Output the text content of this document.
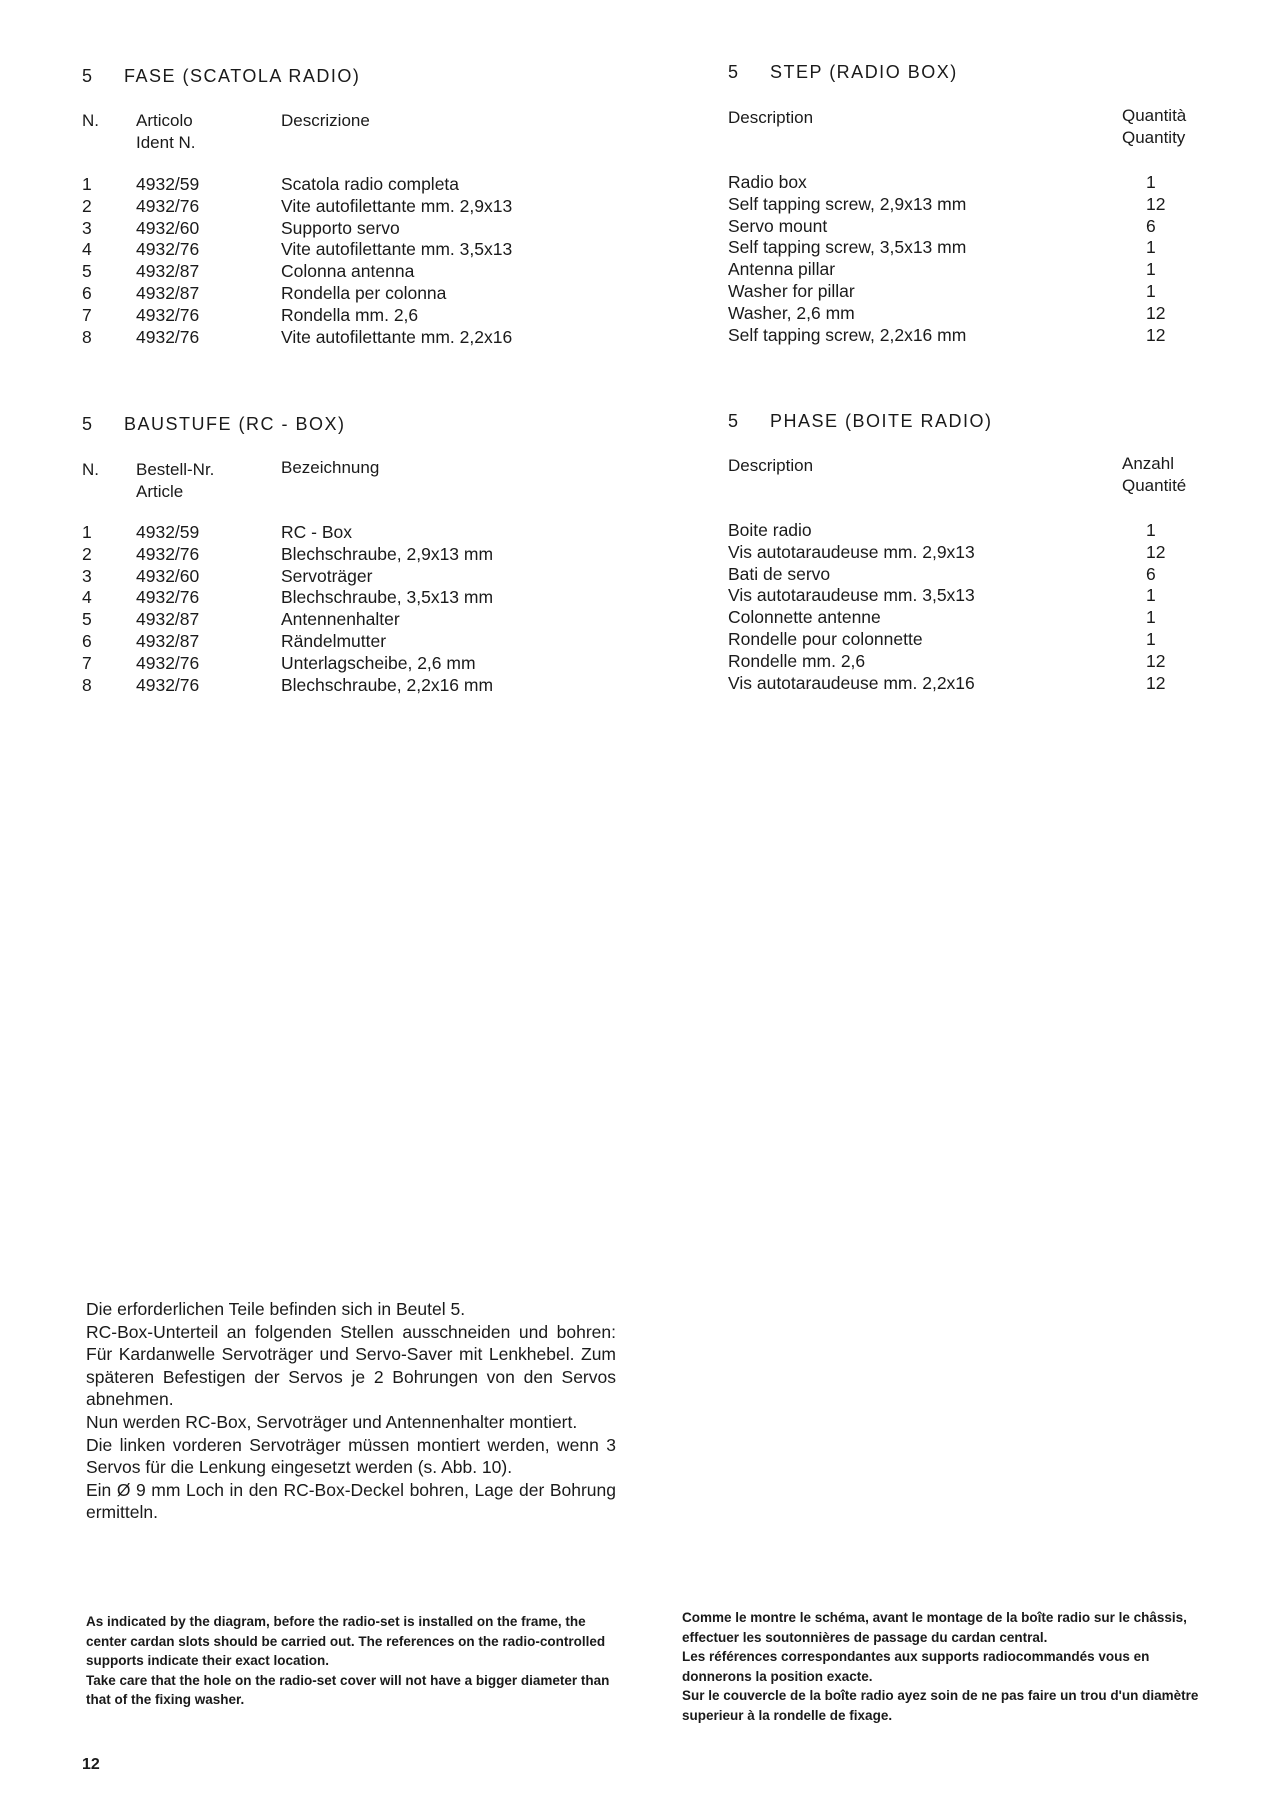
5 FASE (SCATOLA RADIO)
N. Articolo
Ident N.
Descrizione
1	4932/59	Scatola radio completa
2	4932/76	Vite autofilettante mm. 2,9x13
3	4932/60	Supporto servo
4	4932/76	Vite autofilettante mm. 3,5x13
5	4932/87	Colonna antenna
6	4932/87	Rondella per colonna
7	4932/76	Rondella mm. 2,6
8	4932/76	Vite autofilettante mm. 2,2x16
5 STEP (RADIO BOX)
Description	Quantità
Quantity
Radio box	1
Self tapping screw, 2,9x13 mm	12
Servo mount	6
Self tapping screw, 3,5x13 mm	1
Antenna pillar	1
Washer for pillar	1
Washer, 2,6 mm	12
Self tapping screw, 2,2x16 mm	12
5 BAUSTUFE (RC - BOX)
N. Bestell-Nr.
Article
Bezeichnung
1	4932/59	RC - Box
2	4932/76	Blechschraube, 2,9x13 mm
3	4932/60	Servoträger
4	4932/76	Blechschraube, 3,5x13 mm
5	4932/87	Antennenhalter
6	4932/87	Rändelmutter
7	4932/76	Unterlagscheibe, 2,6 mm
8	4932/76	Blechschraube, 2,2x16 mm
5 PHASE (BOITE RADIO)
Description	Anzahl
Quantité
Boite radio	1
Vis autotaraudeuse mm. 2,9x13	12
Bati de servo	6
Vis autotaraudeuse mm. 3,5x13	1
Colonnette antenne	1
Rondelle pour colonnette	1
Rondelle mm. 2,6	12
Vis autotaraudeuse mm. 2,2x16	12
Die erforderlichen Teile befinden sich in Beutel 5.
RC-Box-Unterteil an folgenden Stellen ausschneiden und bohren: Für Kardanwelle Servoträger und Servo-Saver mit Lenkhebel. Zum späteren Befestigen der Servos je 2 Bohrungen von den Servos abnehmen.
Nun werden RC-Box, Servoträger und Antennenhalter montiert.
Die linken vorderen Servoträger müssen montiert werden, wenn 3 Servos für die Lenkung eingesetzt werden (s. Abb. 10).
Ein Ø 9 mm Loch in den RC-Box-Deckel bohren, Lage der Bohrung ermitteln.
As indicated by the diagram, before the radio-set is installed on the frame, the center cardan slots should be carried out. The references on the radio-controlled supports indicate their exact location.
Take care that the hole on the radio-set cover will not have a bigger diameter than that of the fixing washer.
Comme le montre le schéma, avant le montage de la boîte radio sur le châssis, effectuer les soutonnières de passage du cardan central.
Les références correspondantes aux supports radiocommandés vous en donnerons la position exacte.
Sur le couvercle de la boîte radio ayez soin de ne pas faire un trou d'un diamètre superieur à la rondelle de fixage.
12
